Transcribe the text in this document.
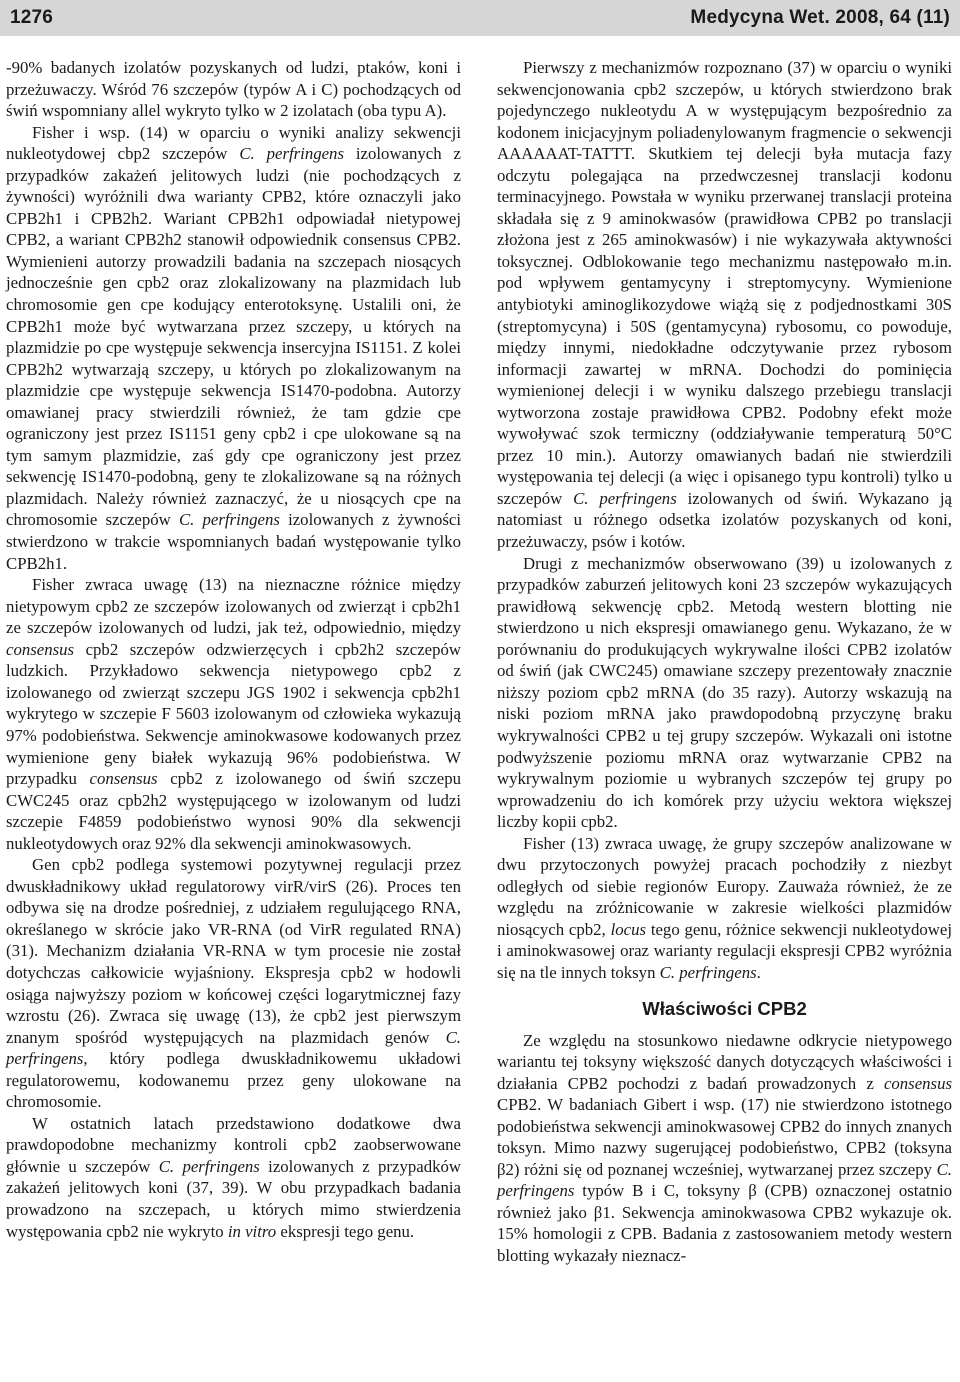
1276	Medycyna Wet. 2008, 64 (11)

-90% badanych izolatów pozyskanych od ludzi, ptaków, koni i przeżuwaczy. Wśród 76 szczepów (typów A i C) pochodzących od świń wspomniany allel wykryto tylko w 2 izolatach (oba typu A).

Fisher i wsp. (14) w oparciu o wyniki analizy sekwencji nukleotydowej cbp2 szczepów C. perfringens izolowanych z przypadków zakażeń jelitowych ludzi (nie pochodzących z żywności) wyróżnili dwa warianty CPB2, które oznaczyli jako CPB2h1 i CPB2h2. Wariant CPB2h1 odpowiadał nietypowej CPB2, a wariant CPB2h2 stanowił odpowiednik consensus CPB2. Wymienieni autorzy prowadzili badania na szczepach niosących jednocześnie gen cpb2 oraz zlokalizowany na plazmidach lub chromosomie gen cpe kodujący enterotoksynę. Ustalili oni, że CPB2h1 może być wytwarzana przez szczepy, u których na plazmidzie po cpe występuje sekwencja insercyjna IS1151. Z kolei CPB2h2 wytwarzają szczepy, u których po zlokalizowanym na plazmidzie cpe występuje sekwencja IS1470-podobna. Autorzy omawianej pracy stwierdzili również, że tam gdzie cpe ograniczony jest przez IS1151 geny cpb2 i cpe ulokowane są na tym samym plazmidzie, zaś gdy cpe ograniczony jest przez sekwencję IS1470-podobną, geny te zlokalizowane są na różnych plazmidach. Należy również zaznaczyć, że u niosących cpe na chromosomie szczepów C. perfringens izolowanych z żywności stwierdzono w trakcie wspomnianych badań występowanie tylko CPB2h1.

Fisher zwraca uwagę (13) na nieznaczne różnice między nietypowym cpb2 ze szczepów izolowanych od zwierząt i cpb2h1 ze szczepów izolowanych od ludzi, jak też, odpowiednio, między consensus cpb2 szczepów odzwierzęcych i cpb2h2 szczepów ludzkich. Przykładowo sekwencja nietypowego cpb2 z izolowanego od zwierząt szczepu JGS 1902 i sekwencja cpb2h1 wykrytego w szczepie F 5603 izolowanym od człowieka wykazują 97% podobieństwa. Sekwencje aminokwasowe kodowanych przez wymienione geny białek wykazują 96% podobieństwa. W przypadku consensus cpb2 z izolowanego od świń szczepu CWC245 oraz cpb2h2 występującego w izolowanym od ludzi szczepie F4859 podobieństwo wynosi 90% dla sekwencji nukleotydowych oraz 92% dla sekwencji aminokwasowych.

Gen cpb2 podlega systemowi pozytywnej regulacji przez dwuskładnikowy układ regulatorowy virR/virS (26). Proces ten odbywa się na drodze pośredniej, z udziałem regulującego RNA, określanego w skrócie jako VR-RNA (od VirR regulated RNA) (31). Mechanizm działania VR-RNA w tym procesie nie został dotychczas całkowicie wyjaśniony. Ekspresja cpb2 w hodowli osiąga najwyższy poziom w końcowej części logarytmicznej fazy wzrostu (26). Zwraca się uwagę (13), że cpb2 jest pierwszym znanym spośród występujących na plazmidach genów C. perfringens, który podlega dwuskładnikowemu układowi regulatorowemu, kodowanemu przez geny ulokowane na chromosomie.

W ostatnich latach przedstawiono dodatkowe dwa prawdopodobne mechanizmy kontroli cpb2 zaobserwowane głównie u szczepów C. perfringens izolowanych z przypadków zakażeń jelitowych koni (37, 39). W obu przypadkach badania prowadzono na szczepach, u których mimo stwierdzenia występowania cpb2 nie wykryto in vitro ekspresji tego genu.

Pierwszy z mechanizmów rozpoznano (37) w oparciu o wyniki sekwencjonowania cpb2 szczepów, u których stwierdzono brak pojedynczego nukleotydu A w występującym bezpośrednio za kodonem inicjacyjnym poliadenylowanym fragmencie o sekwencji AAAAAAT-TATTT. Skutkiem tej delecji była mutacja fazy odczytu polegająca na przedwczesnej translacji kodonu terminacyjnego. Powstała w wyniku przerwanej translacji proteina składała się z 9 aminokwasów (prawidłowa CPB2 po translacji złożona jest z 265 aminokwasów) i nie wykazywała aktywności toksycznej. Odblokowanie tego mechanizmu następowało m.in. pod wpływem gentamycyny i streptomycyny. Wymienione antybiotyki aminoglikozydowe wiążą się z podjednostkami 30S (streptomycyna) i 50S (gentamycyna) rybosomu, co powoduje, między innymi, niedokładne odczytywanie przez rybosom informacji zawartej w mRNA. Dochodzi do pominięcia wymienionej delecji i w wyniku dalszego przebiegu translacji wytworzona zostaje prawidłowa CPB2. Podobny efekt może wywoływać szok termiczny (oddziaływanie temperaturą 50°C przez 10 min.). Autorzy omawianych badań nie stwierdzili występowania tej delecji (a więc i opisanego typu kontroli) tylko u szczepów C. perfringens izolowanych od świń. Wykazano ją natomiast u różnego odsetka izolatów pozyskanych od koni, przeżuwaczy, psów i kotów.

Drugi z mechanizmów obserwowano (39) u izolowanych z przypadków zaburzeń jelitowych koni 23 szczepów wykazujących prawidłową sekwencję cpb2. Metodą western blotting nie stwierdzono u nich ekspresji omawianego genu. Wykazano, że w porównaniu do produkujących wykrywalne ilości CPB2 izolatów od świń (jak CWC245) omawiane szczepy prezentowały znacznie niższy poziom cpb2 mRNA (do 35 razy). Autorzy wskazują na niski poziom mRNA jako prawdopodobną przyczynę braku wykrywalności CPB2 u tej grupy szczepów. Wykazali oni istotne podwyższenie poziomu mRNA oraz wytwarzanie CPB2 na wykrywalnym poziomie u wybranych szczepów tej grupy po wprowadzeniu do ich komórek przy użyciu wektora większej liczby kopii cpb2.

Fisher (13) zwraca uwagę, że grupy szczepów analizowane w dwu przytoczonych powyżej pracach pochodziły z niezbyt odległych od siebie regionów Europy. Zauważa również, że ze względu na zróżnicowanie w zakresie wielkości plazmidów niosących cpb2, locus tego genu, różnice sekwencji nukleotydowej i aminokwasowej oraz warianty regulacji ekspresji CPB2 wyróżnia się na tle innych toksyn C. perfringens.

Właściwości CPB2

Ze względu na stosunkowo niedawne odkrycie nietypowego wariantu tej toksyny większość danych dotyczących właściwości i działania CPB2 pochodzi z badań prowadzonych z consensus CPB2. W badaniach Gibert i wsp. (17) nie stwierdzono istotnego podobieństwa sekwencji aminokwasowej CPB2 do innych znanych toksyn. Mimo nazwy sugerującej podobieństwo, CPB2 (toksyna β2) różni się od poznanej wcześniej, wytwarzanej przez szczepy C. perfringens typów B i C, toksyny β (CPB) oznaczonej ostatnio również jako β1. Sekwencja aminokwasowa CPB2 wykazuje ok. 15% homologii z CPB. Badania z zastosowaniem metody western blotting wykazały nieznacz-
